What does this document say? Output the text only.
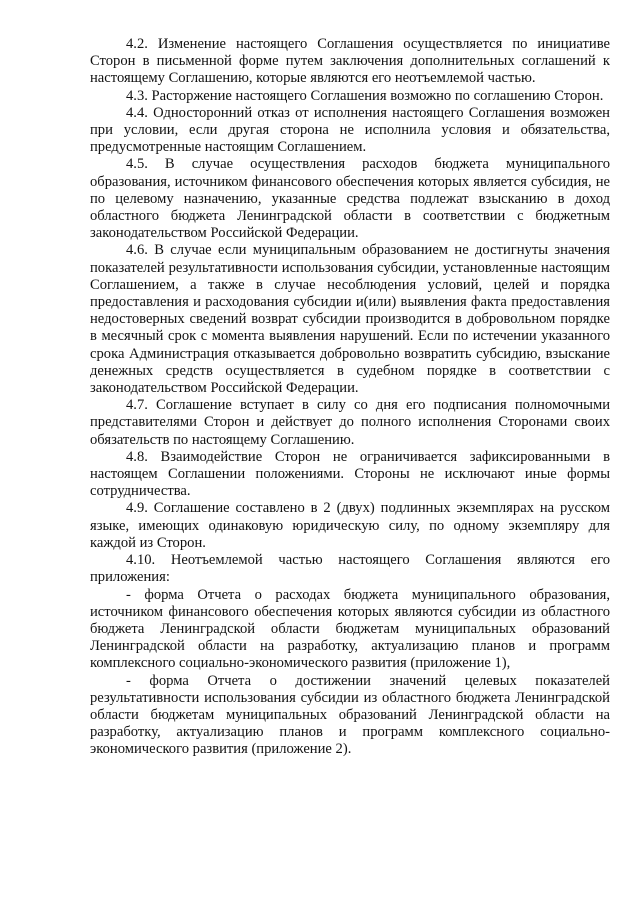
4.2. Изменение настоящего Соглашения осуществляется по инициативе Сторон в письменной форме путем заключения дополнительных соглашений к настоящему Соглашению, которые являются его неотъемлемой частью.

4.3. Расторжение настоящего Соглашения возможно по соглашению Сторон.

4.4. Односторонний отказ от исполнения настоящего Соглашения возможен при условии, если другая сторона не исполнила условия и обязательства, предусмотренные настоящим Соглашением.

4.5. В случае осуществления расходов бюджета муниципального образования, источником финансового обеспечения которых является субсидия, не по целевому назначению, указанные средства подлежат взысканию в доход областного бюджета Ленинградской области в соответствии с бюджетным законодательством Российской Федерации.

4.6. В случае если муниципальным образованием не достигнуты значения показателей результативности использования субсидии, установленные настоящим Соглашением, а также в случае несоблюдения условий, целей и порядка предоставления и расходования субсидии и(или) выявления факта предоставления недостоверных сведений возврат субсидии производится в добровольном порядке в месячный срок с момента выявления нарушений. Если по истечении указанного срока Администрация отказывается добровольно возвратить субсидию, взыскание денежных средств осуществляется в судебном порядке в соответствии с законодательством Российской Федерации.

4.7. Соглашение вступает в силу со дня его подписания полномочными представителями Сторон и действует до полного исполнения Сторонами своих обязательств по настоящему Соглашению.

4.8. Взаимодействие Сторон не ограничивается зафиксированными в настоящем Соглашении положениями. Стороны не исключают иные формы сотрудничества.

4.9. Соглашение составлено в 2 (двух) подлинных экземплярах на русском языке, имеющих одинаковую юридическую силу, по одному экземпляру для каждой из Сторон.

4.10. Неотъемлемой частью настоящего Соглашения являются его приложения:

- форма Отчета о расходах бюджета муниципального образования, источником финансового обеспечения которых являются субсидии из областного бюджета Ленинградской области бюджетам муниципальных образований Ленинградской области на разработку, актуализацию планов и программ комплексного социально-экономического развития (приложение 1),

- форма Отчета о достижении значений целевых показателей результативности использования субсидии из областного бюджета Ленинградской области бюджетам муниципальных образований Ленинградской области на разработку, актуализацию планов и программ комплексного социально-экономического развития (приложение 2).
